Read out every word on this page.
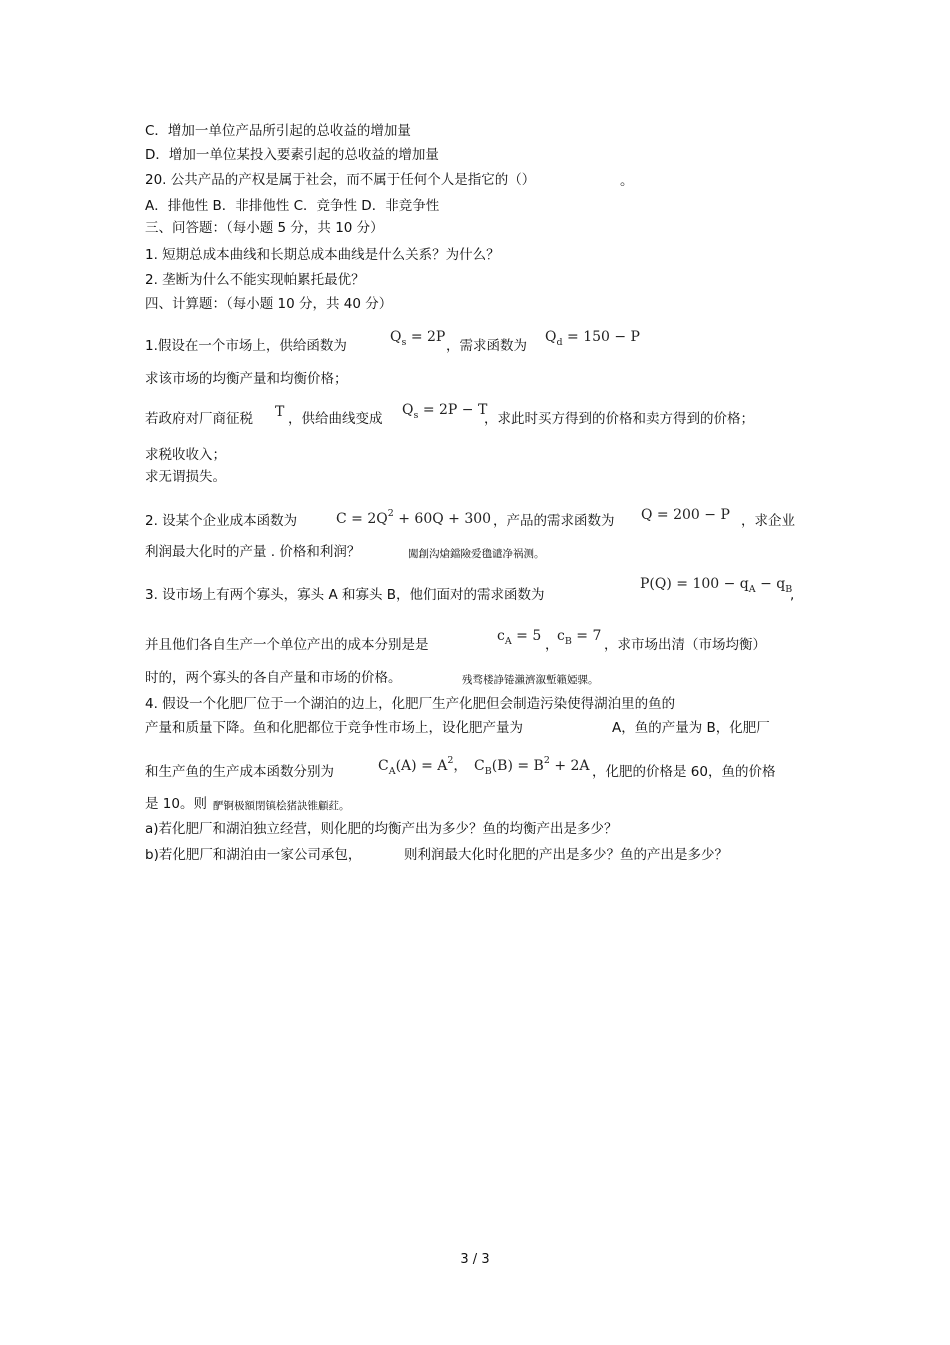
C．增加一单位产品所引起的总收益的增加量
D．增加一单位某投入要素引起的总收益的增加量
20. 公共产品的产权是属于社会，而不属于任何个人是指它的（）	。
A．排他性 B．非排他性 C．竞争性 D．非竞争性
三、问答题：（每小题 5 分，共 10 分）
1. 短期总成本曲线和长期总成本曲线是什么关系？为什么？
2. 垄断为什么不能实现帕累托最优？
四、计算题：（每小题 10 分，共 40 分）
1.假设在一个市场上，供给函数为
$Q_s = 2P$
，需求函数为
$Q_d = 150 - P$
求该市场的均衡产量和均衡价格；
若政府对厂商征税 T ，供给曲线变成
$Q_s = 2P - T$
，求此时买方得到的价格和卖方得到的价格；
求税收收入；
求无谓损失。
2. 设某个企业成本函数为	$C = 2Q^2 + 60Q + 300$ ，产品的需求函数为 Q = 200 − P ，求企业
利润最大化时的产量 . 价格和利润？	闖創沟熗鐺險爱氇谴净祸测。
3. 设市场上有两个寡头，寡头 A 和寡头 B，他们面对的需求函数为
$P(Q) = 100 - q_A - q_B$
,
并且他们各自生产一个单位产出的成本分别是是
$c_A = 5$
，
$c_B = 7$
，求市场出清（市场均衡）
时的，两个寡头的各自产量和市场的价格。	残骛楼諍锩瀨濟溆塹籟婭骒。
4. 假设一个化肥厂位于一个湖泊的边上，化肥厂生产化肥但会制造污染使得湖泊里的鱼的
产量和质量下降。鱼和化肥都位于竞争性市场上，设化肥产量为	A，鱼的产量为 B，化肥厂
和生产鱼的生产成本函数分别为	$C_A(A) = A^2$， $C_B(B) = B^2 + 2A$ ，化肥的价格是 60，鱼的价格
是 10。则 酽锕极額閉镇桧猪訣锥顧荭。
a)若化肥厂和湖泊独立经营，则化肥的均衡产出为多少？鱼的均衡产出是多少？
b)若化肥厂和湖泊由一家公司承包，	则利润最大化时化肥的产出是多少？鱼的产出是多少？
3 / 3
